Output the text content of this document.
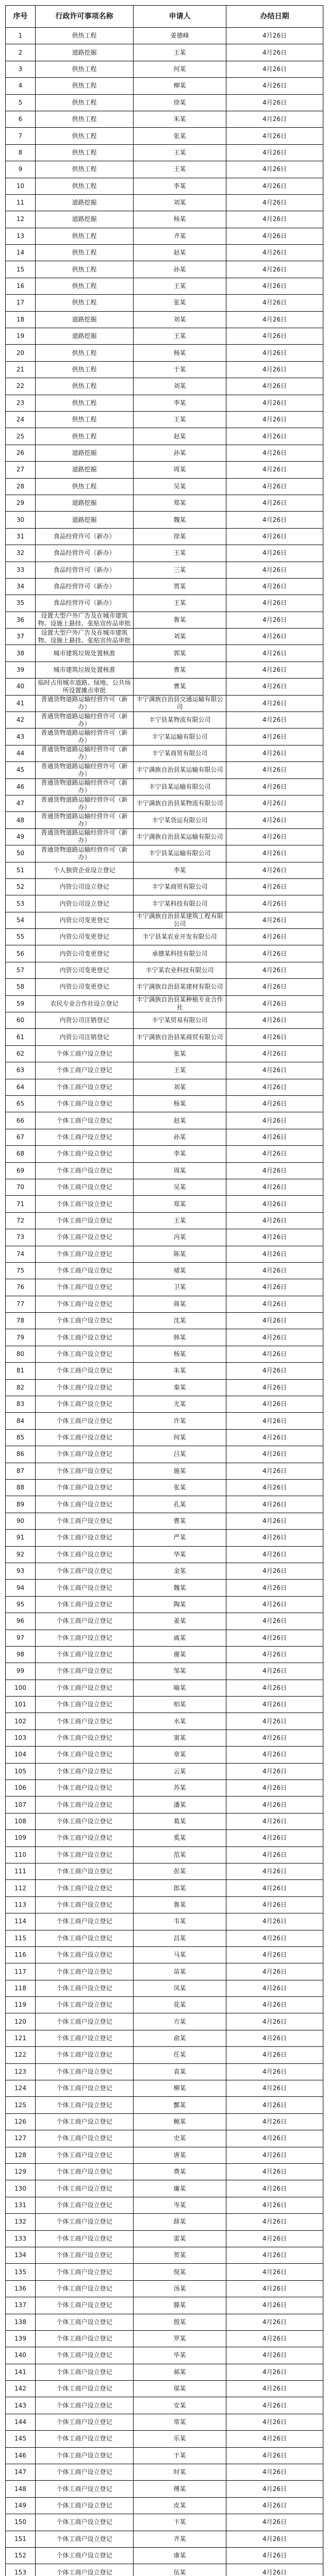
序号	行政许可事项名称	申请人	办结日期
1	供热工程	姜德峰	4月26日
2	道路挖掘	王某	4月26日
3	供热工程	何某	4月26日
4	供热工程	柳某	4月26日
5	供热工程	徐某	4月26日
6	供热工程	朱某	4月26日
7	供热工程	张某	4月26日
8	供热工程	王某	4月26日
9	供热工程	王某	4月26日
10	供热工程	李某	4月26日
11	道路挖掘	刘某	4月26日
12	道路挖掘	杨某	4月26日
13	供热工程	齐某	4月26日
14	供热工程	赵某	4月26日
15	供热工程	孙某	4月26日
16	供热工程	王某	4月26日
17	供热工程	张某	4月26日
18	道路挖掘	刘某	4月26日
19	道路挖掘	王某	4月26日
20	供热工程	杨某	4月26日
21	供热工程	于某	4月26日
22	供热工程	刘某	4月26日
23	供热工程	李某	4月26日
24	供热工程	王某	4月26日
25	供热工程	赵某	4月26日
26	道路挖掘	孙某	4月26日
27	道路挖掘	周某	4月26日
28	供热工程	吴某	4月26日
29	道路挖掘	郑某	4月26日
30	道路挖掘	魏某	4月26日
31	食品经营许可（新办）	徐某	4月26日
32	食品经营许可（新办）	王某	4月26日
33	食品经营许可（新办）	三某	4月26日
34	食品经营许可（新办）	贾某	4月26日
35	食品经营许可（新办）	王某	4月26日
36	设置大型户外广告及在城市建筑物、设施上悬挂、张贴宣传品审批	鲁某	4月26日
37	设置大型户外广告及在城市建筑物、设施上悬挂、张贴宣传品审批	刘某	4月26日
38	城市建筑垃圾处置核准	郭某	4月26日
39	城市建筑垃圾处置核准	曹某	4月26日
40	临时占用城市道路、绿地、公共场所设置摊点审批	曹某	4月26日
41	普通货物道路运输经营许可（新办）	丰宁满族自治县交通运输有限公司	4月26日
42	普通货物道路运输经营许可（新办）	丰宁县某物流有限公司	4月26日
43	普通货物道路运输经营许可（新办）	丰宁某运输有限公司	4月26日
44	普通货物道路运输经营许可（新办）	丰宁某商贸有限公司	4月26日
45	普通货物道路运输经营许可（新办）	丰宁满族自治县某运输有限公司	4月26日
46	普通货物道路运输经营许可（新办）	丰宁县某运输有限公司	4月26日
47	普通货物道路运输经营许可（新办）	丰宁满族自治县某物流有限公司	4月26日
48	普通货物道路运输经营许可（新办）	丰宁某货运有限公司	4月26日
49	普通货物道路运输经营许可（新办）	丰宁满族自治县某运输有限公司	4月26日
50	普通货物道路运输经营许可（新办）	丰宁县某运输有限公司	4月26日
51	个人独资企业设立登记	李某	4月26日
52	内资公司设立登记	丰宁某商贸有限公司	4月26日
53	内资公司设立登记	丰宁某科技有限公司	4月26日
54	内资公司变更登记	丰宁满族自治县某建筑工程有限公司	4月26日
55	内资公司变更登记	丰宁县某农业开发有限公司	4月26日
56	内资公司变更登记	承德某科技有限公司	4月26日
57	内资公司变更登记	丰宁某农业科技有限公司	4月26日
58	内资公司变更登记	丰宁满族自治县某建材有限公司	4月26日
59	农民专业合作社设立登记	丰宁满族自治县某种植专业合作社	4月26日
60	内资公司注销登记	丰宁某贸易有限公司	4月26日
61	内资公司注销登记	丰宁满族自治县某商贸有限公司	4月26日
62	个体工商户设立登记	张某	4月26日
63	个体工商户设立登记	王某	4月26日
64	个体工商户设立登记	刘某	4月26日
65	个体工商户设立登记	杨某	4月26日
66	个体工商户设立登记	赵某	4月26日
67	个体工商户设立登记	孙某	4月26日
68	个体工商户设立登记	李某	4月26日
69	个体工商户设立登记	周某	4月26日
70	个体工商户设立登记	吴某	4月26日
71	个体工商户设立登记	郑某	4月26日
72	个体工商户设立登记	王某	4月26日
73	个体工商户设立登记	冯某	4月26日
74	个体工商户设立登记	陈某	4月26日
75	个体工商户设立登记	褚某	4月26日
76	个体工商户设立登记	卫某	4月26日
77	个体工商户设立登记	蒋某	4月26日
78	个体工商户设立登记	沈某	4月26日
79	个体工商户设立登记	韩某	4月26日
80	个体工商户设立登记	杨某	4月26日
81	个体工商户设立登记	朱某	4月26日
82	个体工商户设立登记	秦某	4月26日
83	个体工商户设立登记	尤某	4月26日
84	个体工商户设立登记	许某	4月26日
85	个体工商户设立登记	何某	4月26日
86	个体工商户设立登记	吕某	4月26日
87	个体工商户设立登记	施某	4月26日
88	个体工商户设立登记	张某	4月26日
89	个体工商户设立登记	孔某	4月26日
90	个体工商户设立登记	曹某	4月26日
91	个体工商户设立登记	严某	4月26日
92	个体工商户设立登记	华某	4月26日
93	个体工商户设立登记	金某	4月26日
94	个体工商户设立登记	魏某	4月26日
95	个体工商户设立登记	陶某	4月26日
96	个体工商户设立登记	姜某	4月26日
97	个体工商户设立登记	戚某	4月26日
98	个体工商户设立登记	谢某	4月26日
99	个体工商户设立登记	邹某	4月26日
100	个体工商户设立登记	喻某	4月26日
101	个体工商户设立登记	柏某	4月26日
102	个体工商户设立登记	水某	4月26日
103	个体工商户设立登记	窦某	4月26日
104	个体工商户设立登记	章某	4月26日
105	个体工商户设立登记	云某	4月26日
106	个体工商户设立登记	苏某	4月26日
107	个体工商户设立登记	潘某	4月26日
108	个体工商户设立登记	葛某	4月26日
109	个体工商户设立登记	奚某	4月26日
110	个体工商户设立登记	范某	4月26日
111	个体工商户设立登记	彭某	4月26日
112	个体工商户设立登记	郎某	4月26日
113	个体工商户设立登记	鲁某	4月26日
114	个体工商户设立登记	韦某	4月26日
115	个体工商户设立登记	昌某	4月26日
116	个体工商户设立登记	马某	4月26日
117	个体工商户设立登记	苗某	4月26日
118	个体工商户设立登记	凤某	4月26日
119	个体工商户设立登记	花某	4月26日
120	个体工商户设立登记	方某	4月26日
121	个体工商户设立登记	俞某	4月26日
122	个体工商户设立登记	任某	4月26日
123	个体工商户设立登记	袁某	4月26日
124	个体工商户设立登记	柳某	4月26日
125	个体工商户设立登记	酆某	4月26日
126	个体工商户设立登记	鲍某	4月26日
127	个体工商户设立登记	史某	4月26日
128	个体工商户设立登记	唐某	4月26日
129	个体工商户设立登记	费某	4月26日
130	个体工商户设立登记	廉某	4月26日
131	个体工商户设立登记	岑某	4月26日
132	个体工商户设立登记	薛某	4月26日
133	个体工商户设立登记	雷某	4月26日
134	个体工商户设立登记	贺某	4月26日
135	个体工商户设立登记	倪某	4月26日
136	个体工商户设立登记	汤某	4月26日
137	个体工商户设立登记	滕某	4月26日
138	个体工商户设立登记	殷某	4月26日
139	个体工商户设立登记	罗某	4月26日
140	个体工商户设立登记	毕某	4月26日
141	个体工商户设立登记	郝某	4月26日
142	个体工商户设立登记	邬某	4月26日
143	个体工商户设立登记	安某	4月26日
144	个体工商户设立登记	常某	4月26日
145	个体工商户设立登记	乐某	4月26日
146	个体工商户设立登记	于某	4月26日
147	个体工商户设立登记	时某	4月26日
148	个体工商户设立登记	傅某	4月26日
149	个体工商户设立登记	皮某	4月26日
150	个体工商户设立登记	卞某	4月26日
151	个体工商户设立登记	齐某	4月26日
152	个体工商户设立登记	康某	4月26日
153	个体工商户设立登记	伍某	4月26日
